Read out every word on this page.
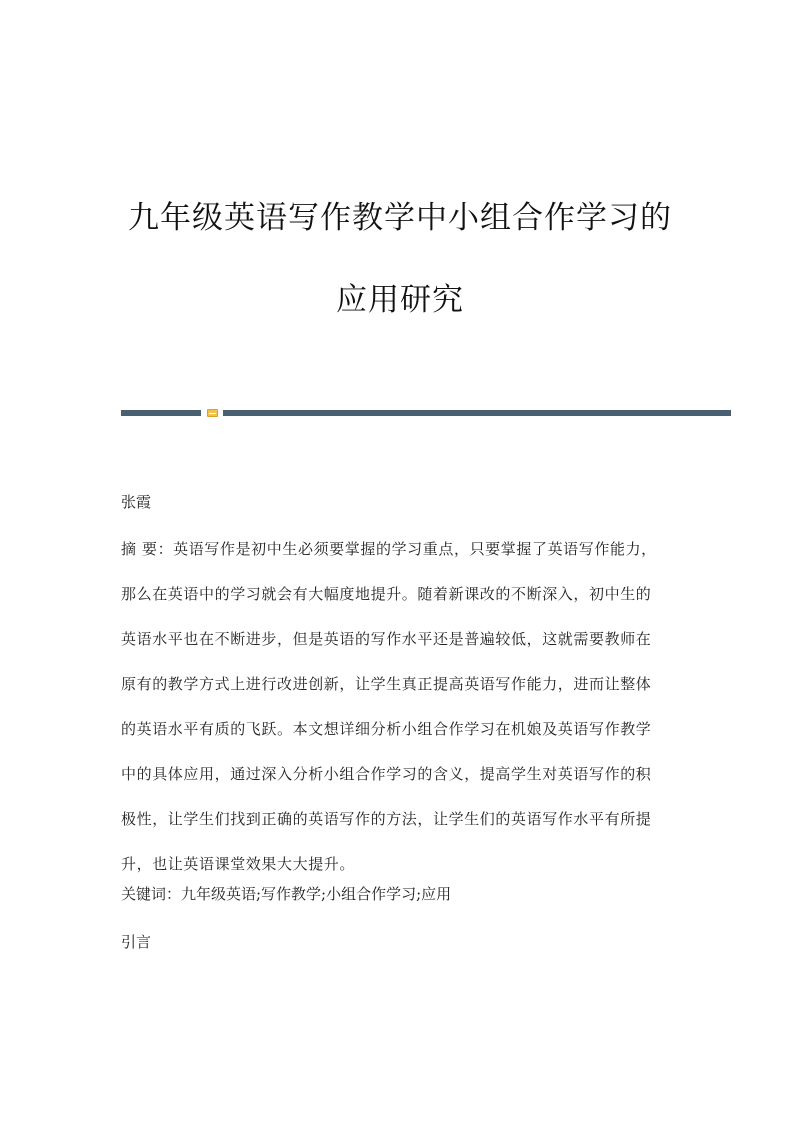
九年级英语写作教学中小组合作学习的
应用研究
张霞
摘 要：英语写作是初中生必须要掌握的学习重点，只要掌握了英语写作能力，
那么在英语中的学习就会有大幅度地提升。随着新课改的不断深入，初中生的
英语水平也在不断进步，但是英语的写作水平还是普遍较低，这就需要教师在
原有的教学方式上进行改进创新，让学生真正提高英语写作能力，进而让整体
的英语水平有质的飞跃。本文想详细分析小组合作学习在机娘及英语写作教学
中的具体应用，通过深入分析小组合作学习的含义，提高学生对英语写作的积
极性，让学生们找到正确的英语写作的方法，让学生们的英语写作水平有所提
升，也让英语课堂效果大大提升。
关键词：九年级英语;写作教学;小组合作学习;应用
引言
